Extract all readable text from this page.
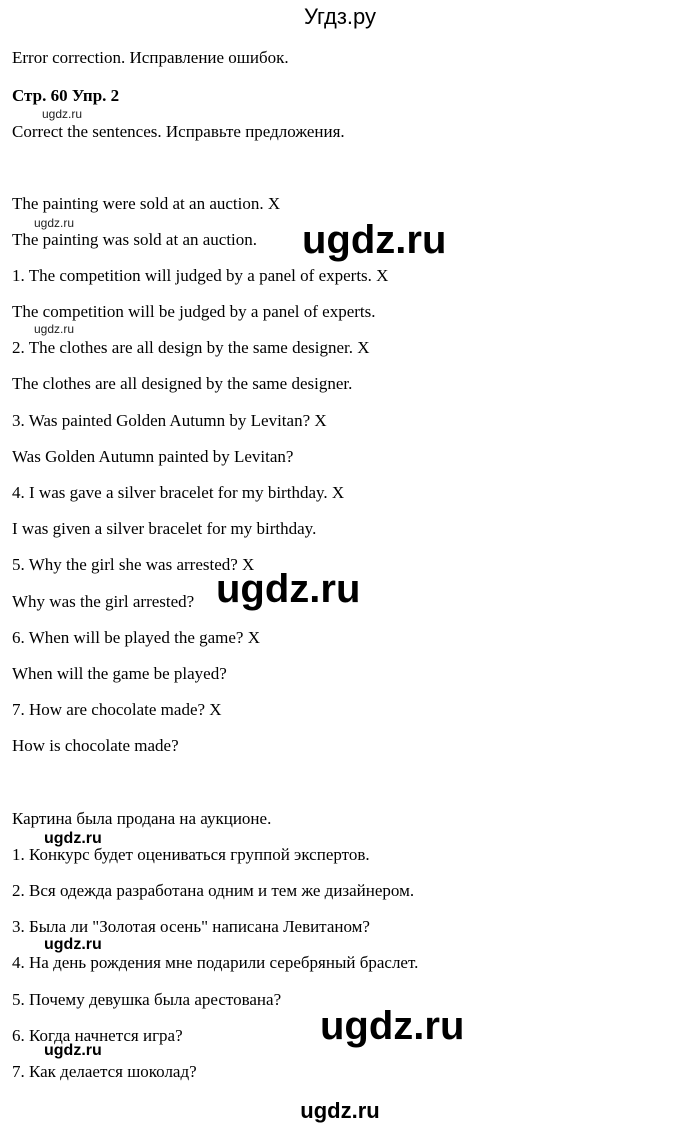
Угдз.ру
Error correction. Исправление ошибок.
Стр. 60 Упр. 2
Correct the sentences. Исправьте предложения.
The painting were sold at an auction. X
The painting was sold at an auction.
1. The competition will judged by a panel of experts. X
The competition will be judged by a panel of experts.
2. The clothes are all design by the same designer. X
The clothes are all designed by the same designer.
3. Was painted Golden Autumn by Levitan? X
Was Golden Autumn painted by Levitan?
4. I was gave a silver bracelet for my birthday. X
I was given a silver bracelet for my birthday.
5. Why the girl she was arrested? X
Why was the girl arrested?
6. When will be played the game? X
When will the game be played?
7. How are chocolate made? X
How is chocolate made?
Картина была продана на аукционе.
1. Конкурс будет оцениваться группой экспертов.
2. Вся одежда разработана одним и тем же дизайнером.
3. Была ли "Золотая осень" написана Левитаном?
4. На день рождения мне подарили серебряный браслет.
5. Почему девушка была арестована?
6. Когда начнется игра?
7. Как делается шоколад?
ugdz.ru
ugdz.ru
ugdz.ru
ugdz.ru
ugdz.ru
ugdz.ru
ugdz.ru
ugdz.ru
ugdz.ru
ugdz.ru
